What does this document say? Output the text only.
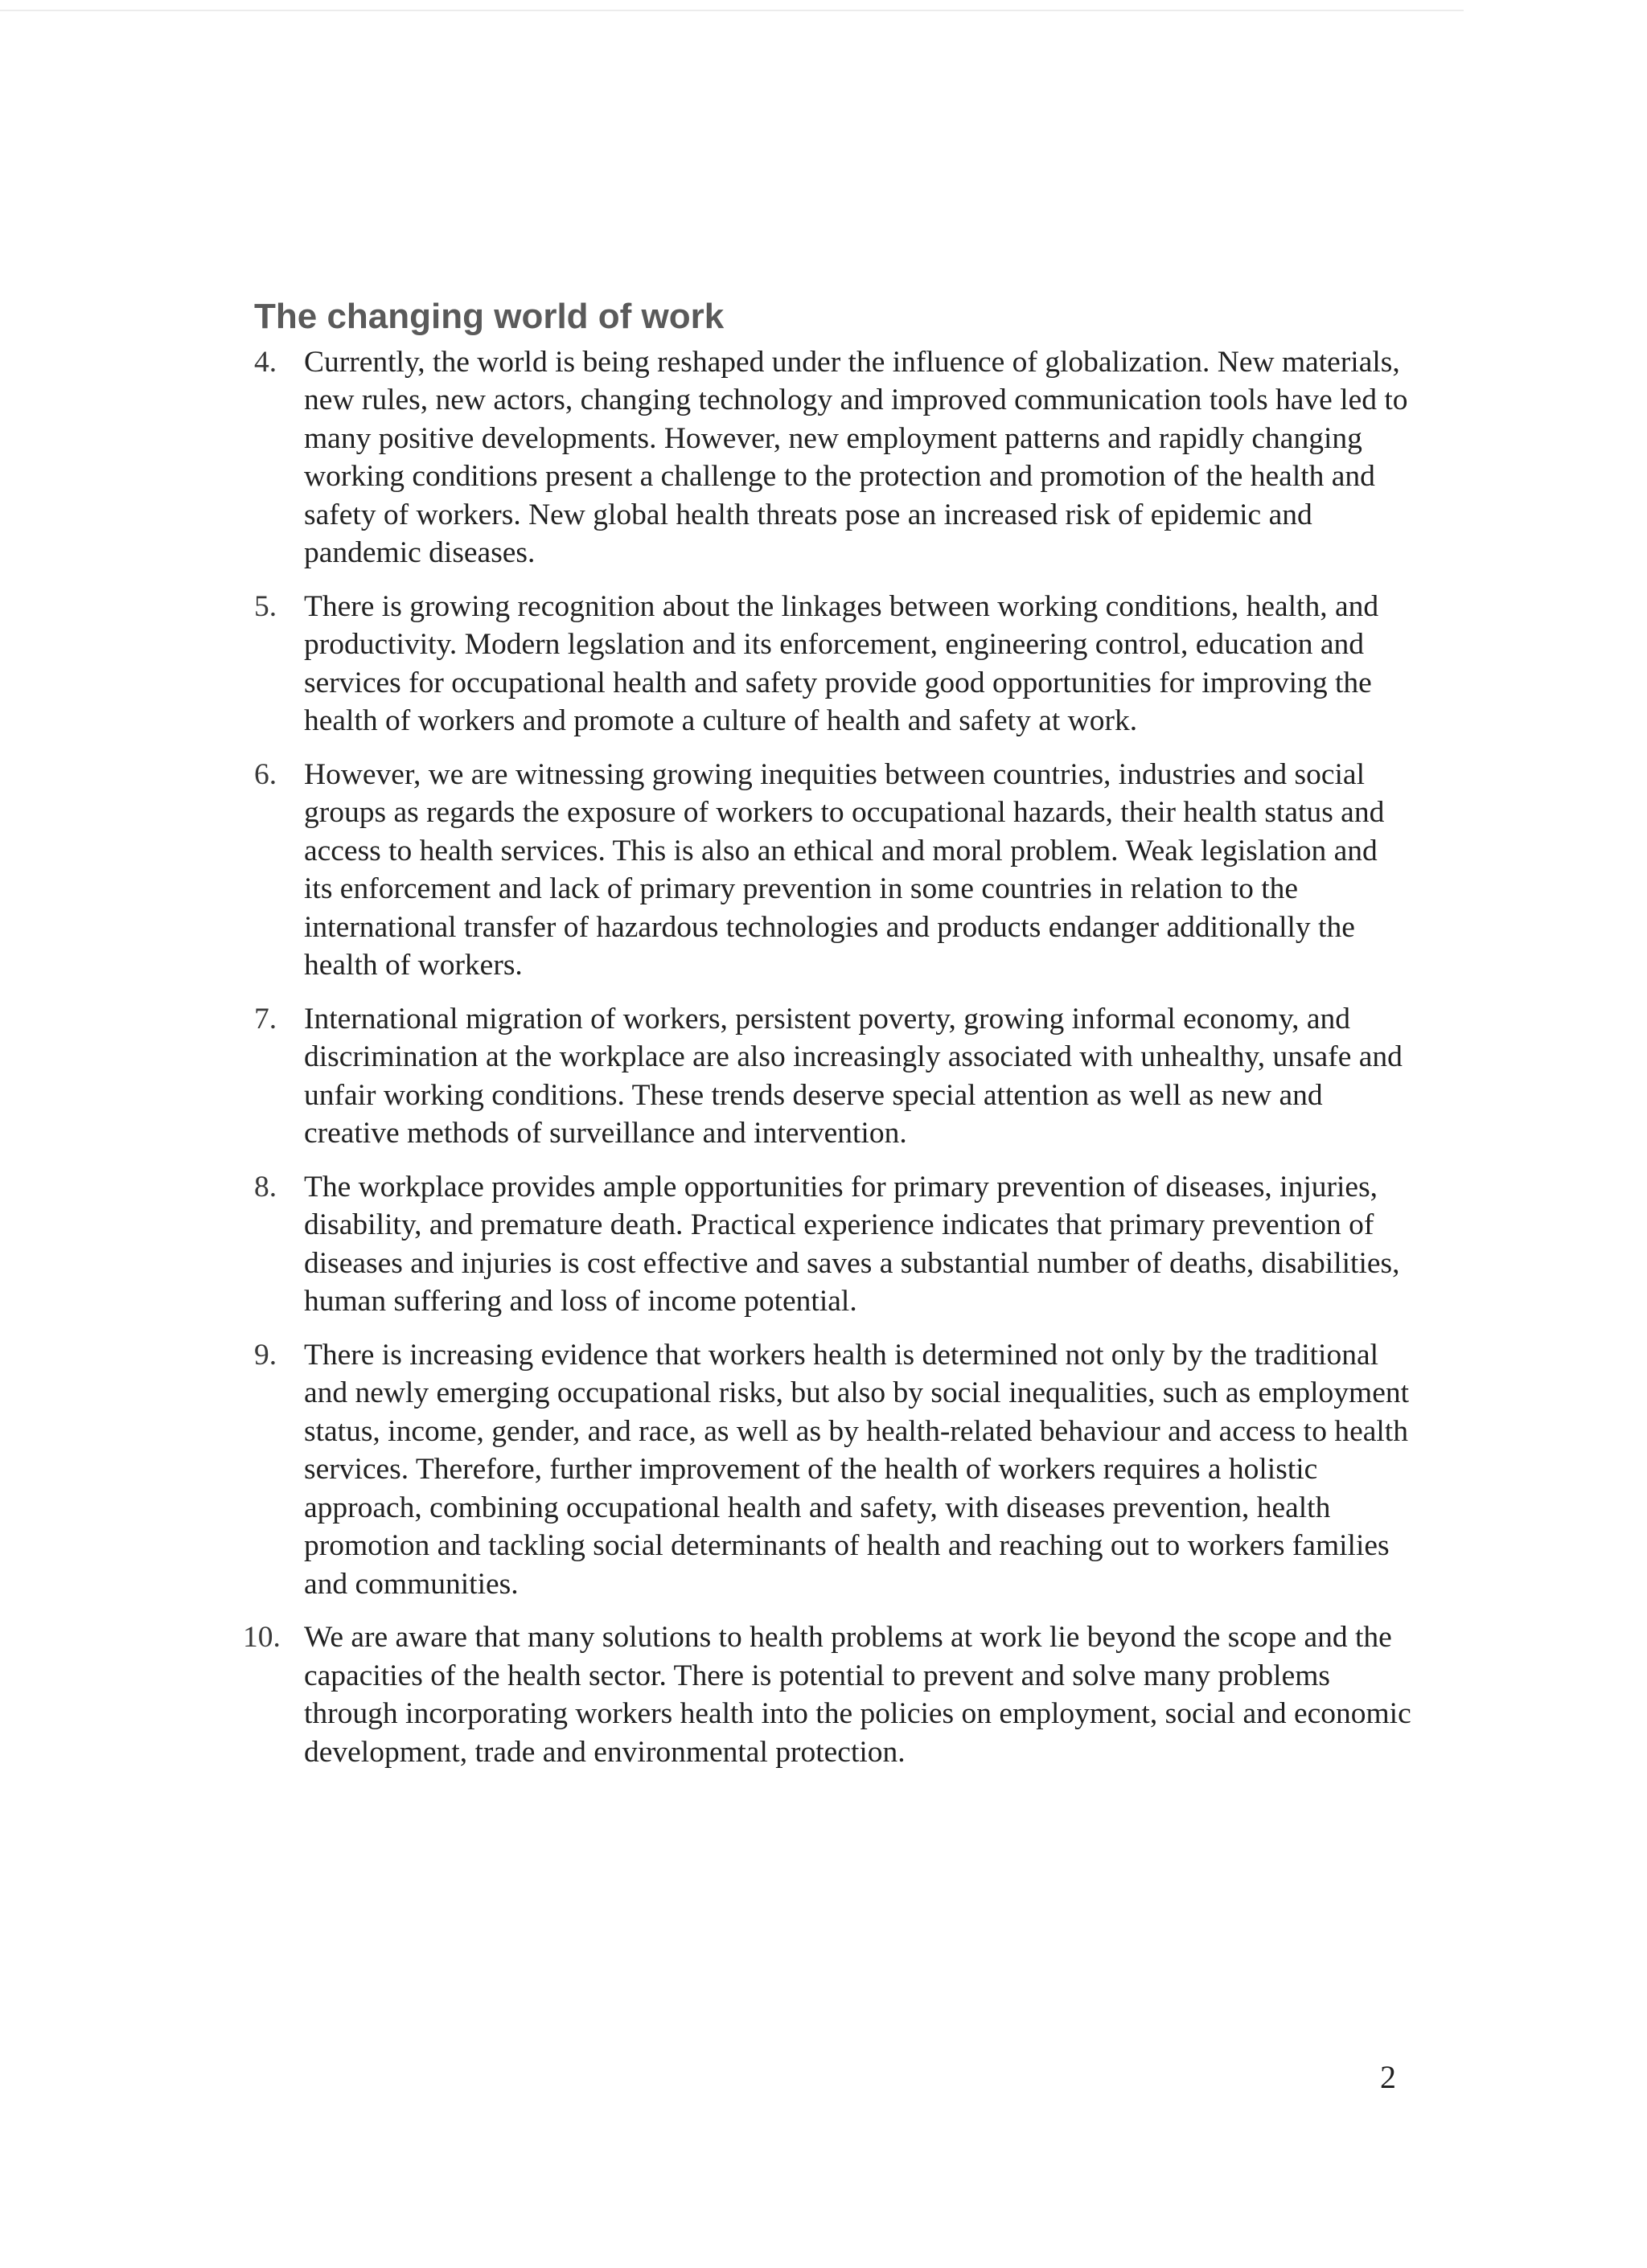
The changing world of work
4. Currently, the world is being reshaped under the influence of globalization. New materials, new rules, new actors, changing technology and improved communication tools have led to many positive developments. However, new employment patterns and rapidly changing working conditions present a challenge to the protection and promotion of the health and safety of workers. New global health threats pose an increased risk of epidemic and pandemic diseases.
5. There is growing recognition about the linkages between working conditions, health, and productivity. Modern legslation and its enforcement, engineering control, education and services for occupational health and safety provide good opportunities for improving the health of workers and promote a culture of health and safety at work.
6. However, we are witnessing growing inequities between countries, industries and social groups as regards the exposure of workers to occupational hazards, their health status and access to health services. This is also an ethical and moral problem. Weak legislation and its enforcement and lack of primary prevention in some countries in relation to the international transfer of hazardous technologies and products endanger additionally the health of workers.
7. International migration of workers, persistent poverty, growing informal economy, and discrimination at the workplace are also increasingly associated with unhealthy, unsafe and unfair working conditions. These trends deserve special attention as well as new and creative methods of surveillance and intervention.
8. The workplace provides ample opportunities for primary prevention of diseases, injuries, disability, and premature death. Practical experience indicates that primary prevention of diseases and injuries is cost effective and saves a substantial number of deaths, disabilities, human suffering and loss of income potential.
9. There is increasing evidence that workers health is determined not only by the traditional and newly emerging occupational risks, but also by social inequalities, such as employment status, income, gender, and race, as well as by health-related behaviour and access to health services. Therefore, further improvement of the health of workers requires a holistic approach, combining occupational health and safety, with diseases prevention, health promotion and tackling social determinants of health and reaching out to workers families and communities.
10. We are aware that many solutions to health problems at work lie beyond the scope and the capacities of the health sector. There is potential to prevent and solve many problems through incorporating workers health into the policies on employment, social and economic development, trade and environmental protection.
2
